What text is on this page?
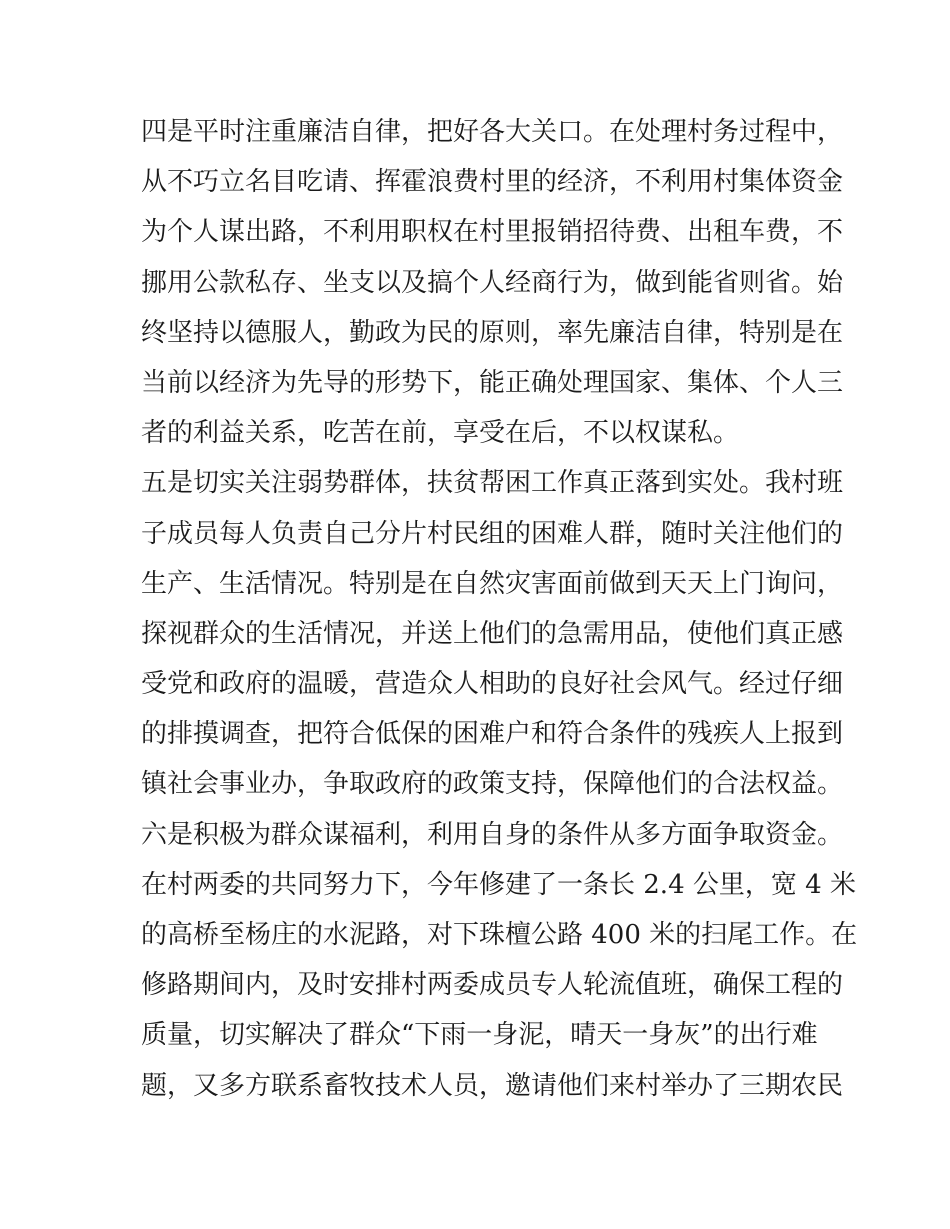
四是平时注重廉洁自律，把好各大关口。在处理村务过程中，
从不巧立名目吃请、挥霍浪费村里的经济，不利用村集体资金
为个人谋出路，不利用职权在村里报销招待费、出租车费，不
挪用公款私存、坐支以及搞个人经商行为，做到能省则省。始
终坚持以德服人，勤政为民的原则，率先廉洁自律，特别是在
当前以经济为先导的形势下，能正确处理国家、集体、个人三
者的利益关系，吃苦在前，享受在后，不以权谋私。
五是切实关注弱势群体，扶贫帮困工作真正落到实处。我村班
子成员每人负责自己分片村民组的困难人群，随时关注他们的
生产、生活情况。特别是在自然灾害面前做到天天上门询问，
探视群众的生活情况，并送上他们的急需用品，使他们真正感
受党和政府的温暖，营造众人相助的良好社会风气。经过仔细
的排摸调查，把符合低保的困难户和符合条件的残疾人上报到
镇社会事业办，争取政府的政策支持，保障他们的合法权益。
六是积极为群众谋福利，利用自身的条件从多方面争取资金。
在村两委的共同努力下，今年修建了一条长 2.4 公里，宽 4 米
的高桥至杨庄的水泥路，对下珠檀公路 400 米的扫尾工作。在
修路期间内，及时安排村两委成员专人轮流值班，确保工程的
质量，切实解决了群众“下雨一身泥，晴天一身灰”的出行难
题，又多方联系畜牧技术人员，邀请他们来村举办了三期农民
